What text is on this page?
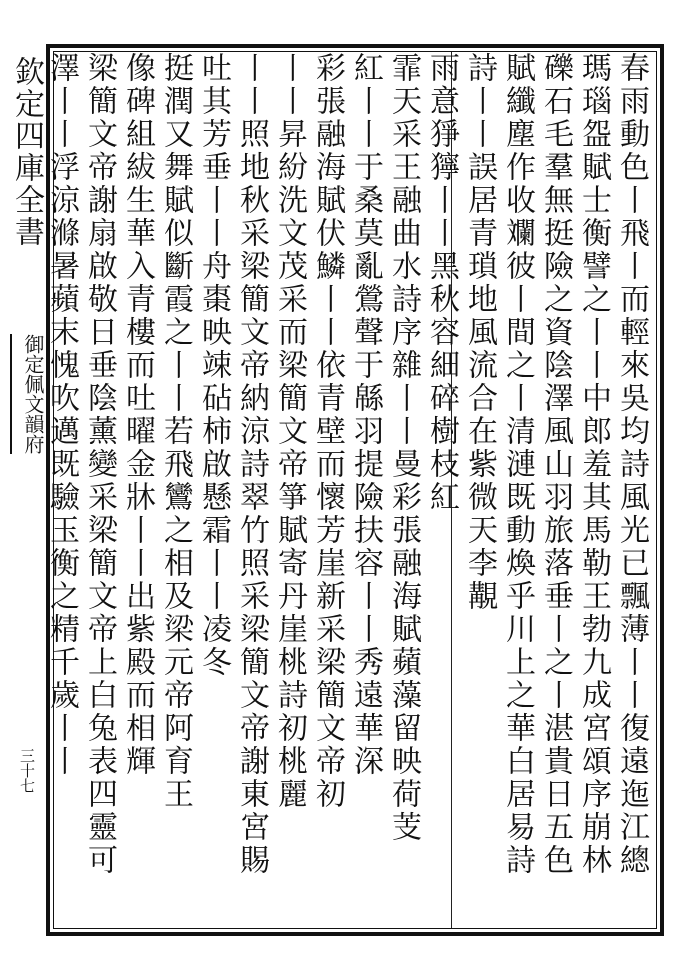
欽定四庫全書
御定佩文韻府
三十七	春雨動色丨飛丨而輕來吳均詩風光已飄薄丨丨復遠迤江總
瑪瑙盌賦士衡譬之丨丨中郎羞其馬勒王勃九成宮頌序崩林
礫石毛羣無挺險之資陰澤風山羽旅落垂丨之丨湛貴日五色
賦纖塵作收斕彼丨間之丨清漣既動煥乎川上之華白居易詩
詩丨丨誤居青瑣地風流合在紫微天李覯
雨意猙獰丨丨黑秋容細碎樹枝紅
霏天采王融曲水詩序雜丨丨曼彩張融海賦蘋藻留映荷芰
紅丨丨于桑莫亂鶯聲于緜羽提險扶容丨丨秀遠華深
彩張融海賦伏鱗丨丨依青壁而懷芳崖新采梁簡文帝初
丨丨昇紛洗文茂采而梁簡文帝箏賦寄丹崖桃詩初桃麗
丨丨照地秋采梁簡文帝納涼詩翠竹照采梁簡文帝謝東宮賜
吐其芳垂丨丨舟棗映竦砧柿啟懸霜丨丨凌冬
挺潤又舞賦似斷霞之丨丨若飛鸞之相及梁元帝阿育王
像碑組紱生華入青樓而吐曜金牀丨丨出紫殿而相輝
梁簡文帝謝扇啟敬日垂陰薰變采梁簡文帝上白兔表四靈可
澤丨丨浮涼滌暑蘋末愧吹邁既驗玉衡之精千歲丨丨
